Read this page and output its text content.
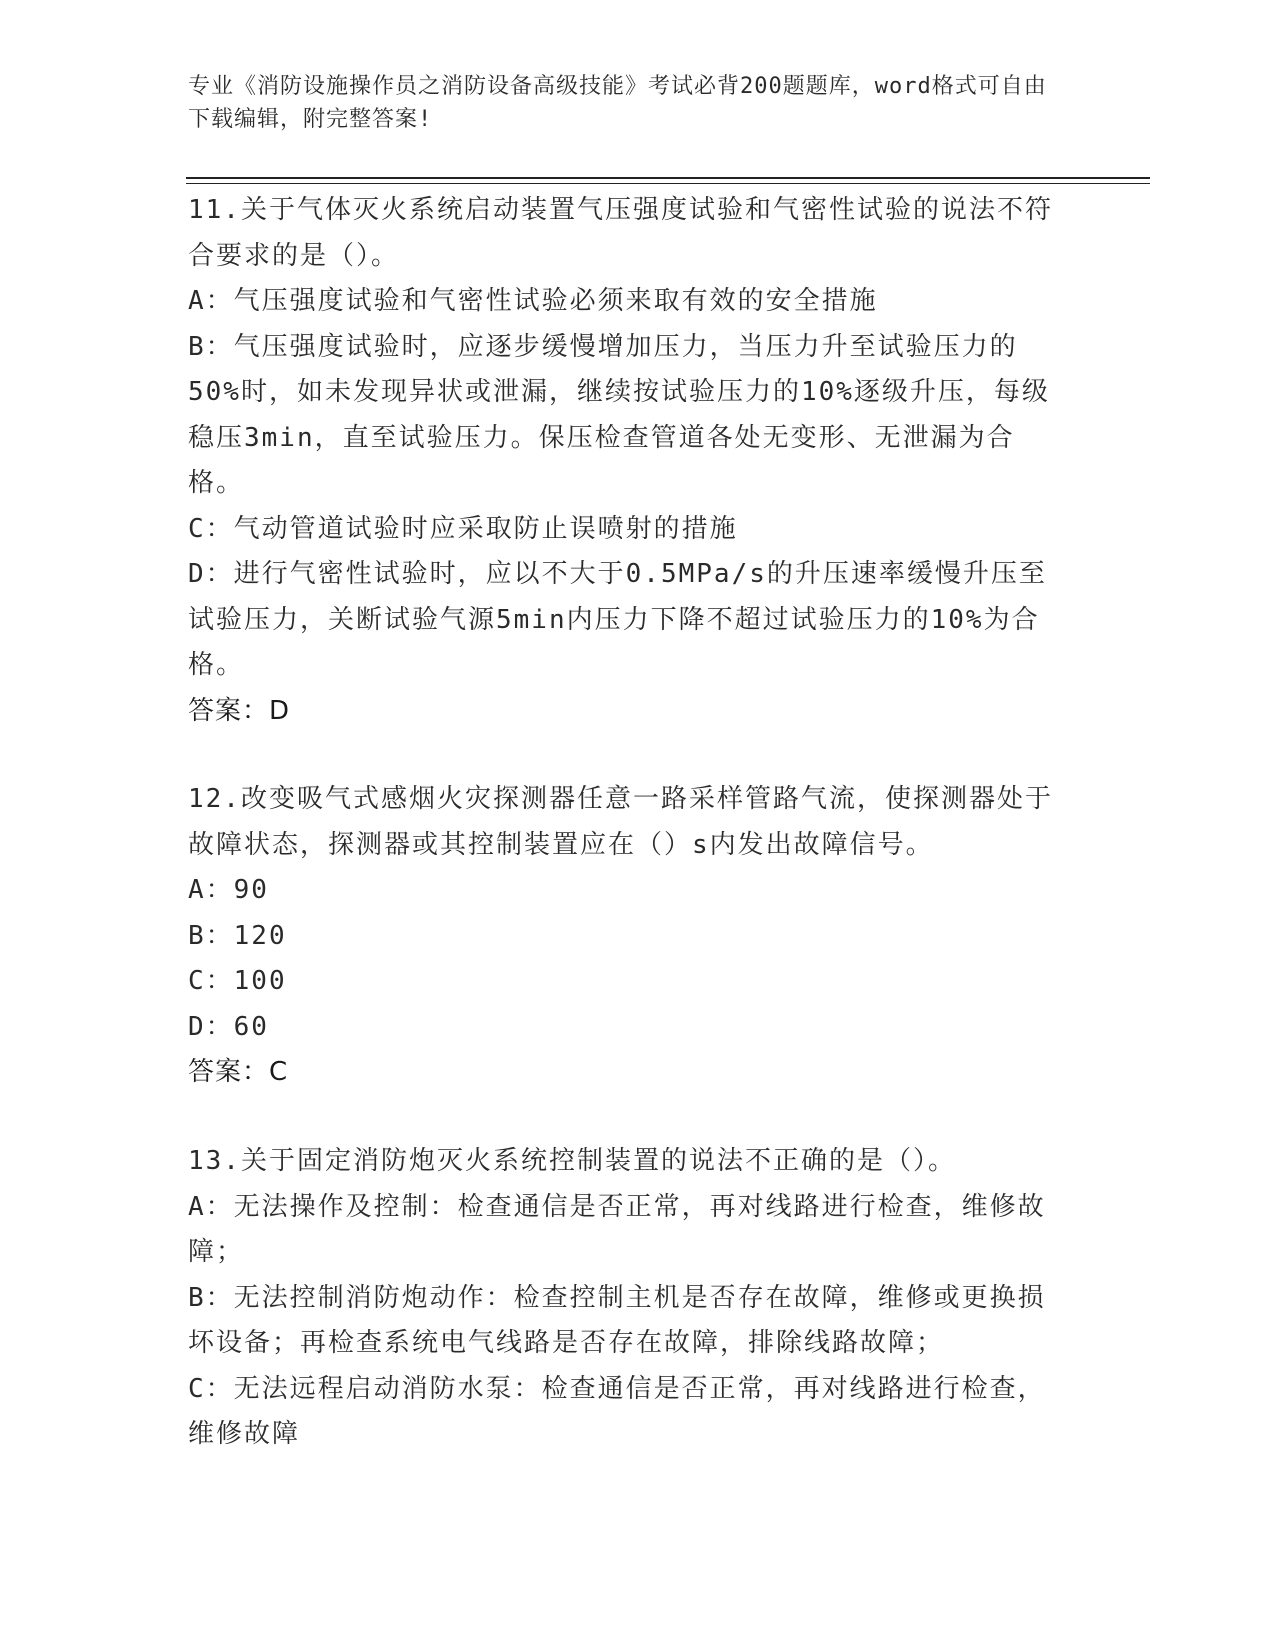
专业《消防设施操作员之消防设备高级技能》考试必背200题题库，word格式可自由下载编辑，附完整答案!
11.关于气体灭火系统启动装置气压强度试验和气密性试验的说法不符合要求的是（）。
A：气压强度试验和气密性试验必须来取有效的安全措施
B：气压强度试验时，应逐步缓慢增加压力，当压力升至试验压力的50%时，如未发现异状或泄漏，继续按试验压力的10%逐级升压，每级稳压3min，直至试验压力。保压检查管道各处无变形、无泄漏为合格。
C：气动管道试验时应采取防止误喷射的措施
D：进行气密性试验时，应以不大于0.5MPa/s的升压速率缓慢升压至试验压力，关断试验气源5min内压力下降不超过试验压力的10%为合格。
答案：D
12.改变吸气式感烟火灾探测器任意一路采样管路气流，使探测器处于故障状态，探测器或其控制装置应在（）s内发出故障信号。
A：90
B：120
C：100
D：60
答案：C
13.关于固定消防炮灭火系统控制装置的说法不正确的是（）。
A：无法操作及控制：检查通信是否正常，再对线路进行检查，维修故障；
B：无法控制消防炮动作：检查控制主机是否存在故障，维修或更换损坏设备；再检查系统电气线路是否存在故障，排除线路故障；
C：无法远程启动消防水泵：检查通信是否正常，再对线路进行检查，维修故障
